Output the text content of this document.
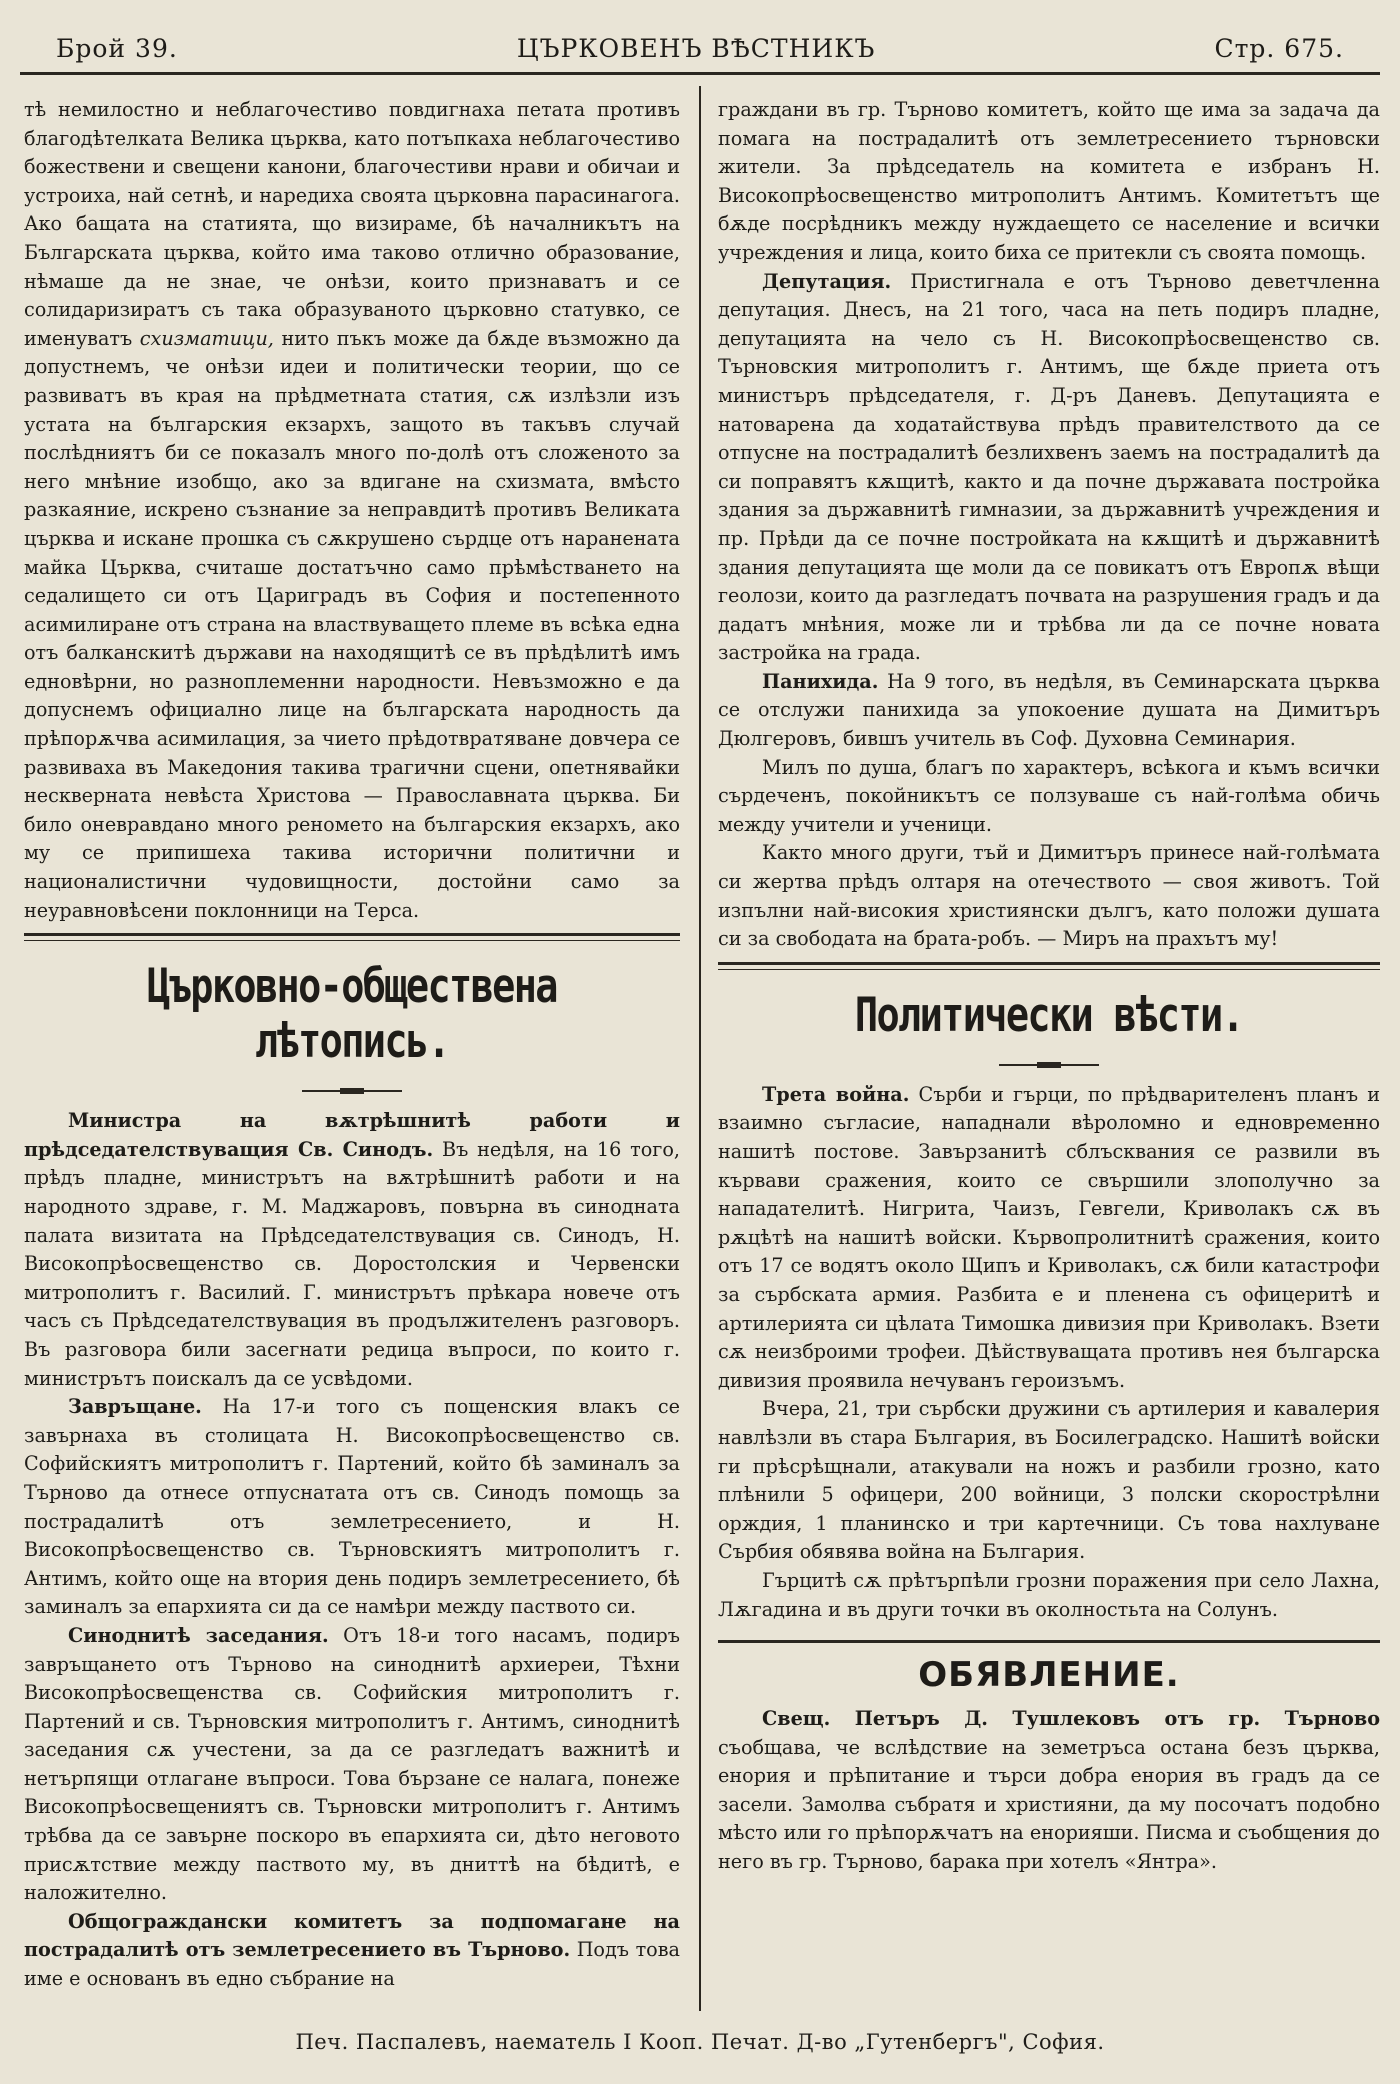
Брой 39.	ЦЪРКОВЕНЪ ВѢСТНИКЪ	Стр. 675.

тѣ немилостно и неблагочестиво повдигнаха петата противъ благодѣтелката Велика църква, като потъпкаха неблагочестиво божествени и свещени канони, благочестиви нрави и обичаи и устроиха, най сетнѣ, и наредиха своята църковна парасинагога. Ако бащата на статията, що визираме, бѣ началникътъ на Българската църква, който има таково отлично образование, нѣмаше да не знае, че онѣзи, които признаватъ и се солидаризиратъ съ така образуваното църковно статувко, се именуватъ схизматици, нито пъкъ може да бѫде възможно да допустнемъ, че онѣзи идеи и политически теории, що се развиватъ въ края на прѣдметната статия, сѫ излѣзли изъ устата на българския екзархъ, защото въ такъвъ случай послѣдниятъ би се показалъ много по-долѣ отъ сложеното за него мнѣние изобщо, ако за вдигане на схизмата, вмѣсто разкаяние, искрено съзнание за неправдитѣ противъ Великата църква и искане прошка съ сѫкрушено сърдце отъ наранената майка Църква, считаше достатъчно само прѣмѣстването на седалището си отъ Цариградъ въ София и постепенното асимилиране отъ страна на властвуващето племе въ всѣка една отъ балканскитѣ държави на находящитѣ се въ прѣдѣлитѣ имъ едновѣрни, но разноплеменни народности. Невъзможно е да допуснемъ официално лице на българската народность да прѣпорѫчва асимилация, за чието прѣдотвратяване довчера се развиваха въ Македония такива трагични сцени, опетнявайки нескверната невѣста Христова — Православната църква. Би било оневравдано много реномето на българския екзархъ, ако му се припишеха такива исторични политични и националистични чудовищности, достойни само за неуравновѣсени поклонници на Терса.

Църковно-обществена лѣтопись.

Министра на вѫтрѣшнитѣ работи и прѣдседателствуващия Св. Синодъ. Въ недѣля, на 16 того, прѣдъ пладне, министрътъ на вѫтрѣшнитѣ работи и на народното здраве, г. М. Маджаровъ, повърна въ синодната палата визитата на Прѣдседателствувация св. Синодъ, Н. Високопрѣосвещенство св. Доростолския и Червенски митрополитъ г. Василий. Г. министрътъ прѣкара новече отъ часъ съ Прѣдседателствувация въ продължителенъ разговоръ. Въ разговора били засегнати редица въпроси, по които г. министрътъ поискалъ да се усвѣдоми.

Завръщане. На 17-и того съ пощенския влакъ се завърнаха въ столицата Н. Високопрѣосвещенство св. Софийскиятъ митрополитъ г. Партений, който бѣ заминалъ за Търново да отнесе отпуснатата отъ св. Синодъ помощь за пострадалитѣ отъ землетресението, и Н. Високопрѣосвещенство св. Търновскиятъ митрополитъ г. Антимъ, който още на втория день подиръ землетресението, бѣ заминалъ за епархията си да се намѣри между паството си.

Синоднитѣ заседания. Отъ 18-и того насамъ, подиръ завръщането отъ Търново на синоднитѣ архиереи, Тѣхни Високопрѣосвещенства св. Софийския митрополитъ г. Партений и св. Търновския митрополитъ г. Антимъ, синоднитѣ заседания сѫ учестени, за да се разгледатъ важнитѣ и нетърпящи отлагане въпроси. Това бързане се налага, понеже Високопрѣосвещениятъ св. Търновски митрополитъ г. Антимъ трѣбва да се завърне поскоро въ епархията си, дѣто неговото присѫтствие между паството му, въ дниттѣ на бѣдитѣ, е наложително.

Общограждански комитетъ за подпомагане на пострадалитѣ отъ землетресението въ Търново. Подъ това име е основанъ въ едно събрание на

граждани въ гр. Търново комитетъ, който ще има за задача да помага на пострадалитѣ отъ землетресението търновски жители. За прѣдседатель на комитета е избранъ Н. Високопрѣосвещенство митрополитъ Антимъ. Комитетътъ ще бѫде посрѣдникъ между нуждаещето се население и всички учреждения и лица, които биха се притекли съ своята помощь.

Депутация. Пристигнала е отъ Търново деветчленна депутация. Днесъ, на 21 того, часа на петь подиръ пладне, депутацията на чело съ Н. Високопрѣосвещенство св. Търновския митрополитъ г. Антимъ, ще бѫде приета отъ министъръ прѣдседателя, г. Д-ръ Даневъ. Депутацията е натоварена да ходатайствува прѣдъ правителството да се отпусне на пострадалитѣ безлихвенъ заемъ на пострадалитѣ да си поправятъ кѫщитѣ, както и да почне държавата постройка здания за държавнитѣ гимназии, за държавнитѣ учреждения и пр. Прѣди да се почне постройката на кѫщитѣ и държавнитѣ здания депутацията ще моли да се повикатъ отъ Европѫ вѣщи геолози, които да разгледатъ почвата на разрушения градъ и да дадатъ мнѣния, може ли и трѣбва ли да се почне новата застройка на града.

Панихида. На 9 того, въ недѣля, въ Семинарската църква се отслужи панихида за упокоение душата на Димитъръ Дюлгеровъ, бившъ учитель въ Соф. Духовна Семинария.

Милъ по душа, благъ по характеръ, всѣкога и къмъ всички сърдеченъ, покойникътъ се ползуваше съ най-голѣма обичь между учители и ученици.

Както много други, тъй и Димитъръ принесе най-голѣмата си жертва прѣдъ олтаря на отечеството — своя животъ. Той изпълни най-високия християнски дългъ, като положи душата си за свободата на брата-робъ. — Миръ на прахътъ му!

Политически вѣсти.

Трета война. Сърби и гърци, по прѣдварителенъ планъ и взаимно съгласие, нападнали вѣроломно и едновременно нашитѣ постове. Завързанитѣ сблъсквания се развили въ кървави сражения, които се свършили злополучно за нападателитѣ. Нигрита, Чаизъ, Гевгели, Криволакъ сѫ въ рѫцѣтѣ на нашитѣ войски. Кървопролитнитѣ сражения, които отъ 17 се водятъ около Щипъ и Криволакъ, сѫ били катастрофи за сърбската армия. Разбита е и пленена съ офицеритѣ и артилерията си цѣлата Тимошка дивизия при Криволакъ. Взети сѫ неизброими трофеи. Дѣйствуващата противъ нея българска дивизия проявила нечуванъ героизъмъ.

Вчера, 21, три сърбски дружини съ артилерия и кавалерия навлѣзли въ стара България, въ Босилеградско. Нашитѣ войски ги прѣсрѣщнали, атакували на ножъ и разбили грозно, като плѣнили 5 офицери, 200 войници, 3 полски скорострѣлни орждия, 1 планинско и три картечници. Съ това нахлуване Сърбия обявява война на България.

Гърцитѣ сѫ прѣтърпѣли грозни поражения при село Лахна, Лѫгадина и въ други точки въ околностьта на Солунъ.

ОБЯВЛЕНИЕ.

Свещ. Петъръ Д. Тушлековъ отъ гр. Търново съобщава, че вслѣдствие на земетръса остана безъ църква, енория и прѣпитание и търси добра енория въ градъ да се засели. Замолва събратя и християни, да му посочатъ подобно мѣсто или го прѣпорѫчатъ на енорияши. Писма и съобщения до него въ гр. Търново, барака при хотелъ «Янтра».

Печ. Паспалевъ, наематель I Кооп. Печат. Д-во „Гутенбергъ", София.
